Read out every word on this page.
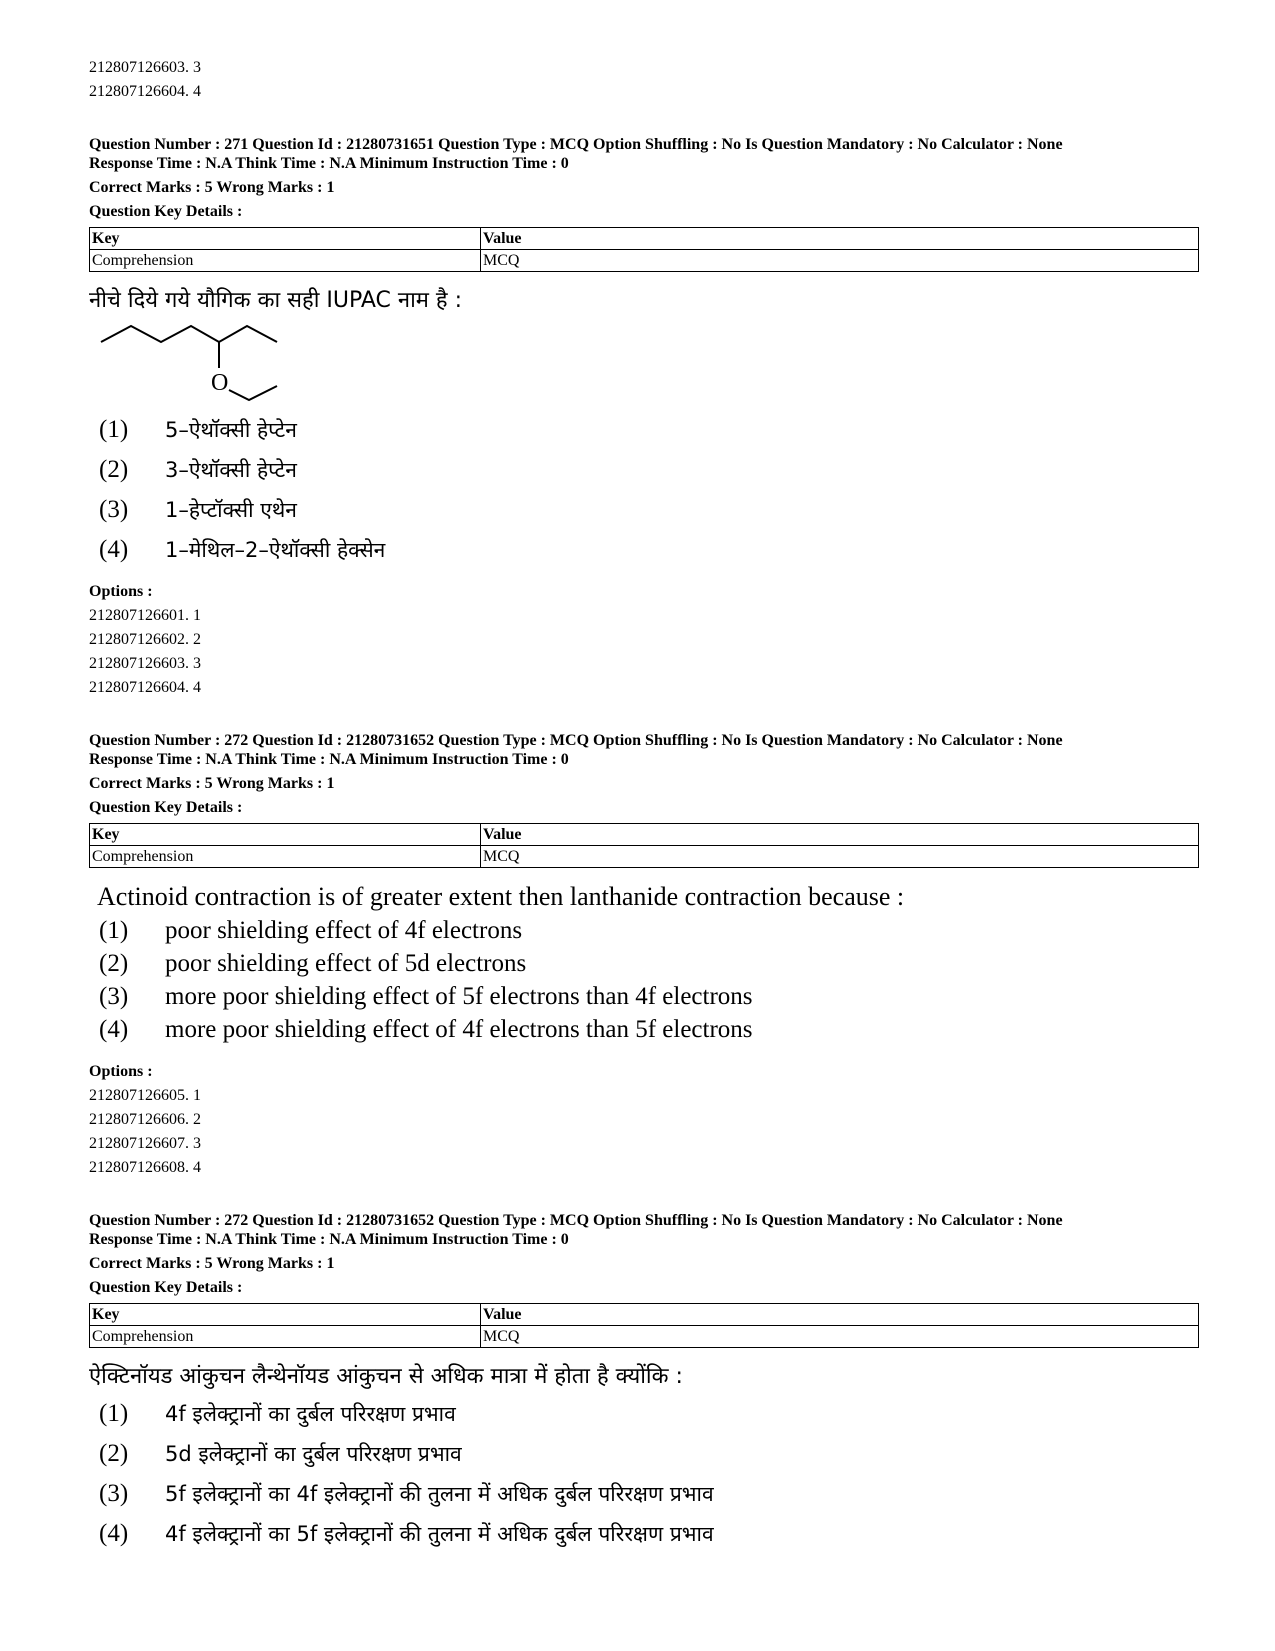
212807126603. 3
212807126604. 4
Question Number : 271 Question Id : 21280731651 Question Type : MCQ Option Shuffling : No Is Question Mandatory : No Calculator : None
Response Time : N.A Think Time : N.A Minimum Instruction Time : 0
Correct Marks : 5 Wrong Marks : 1
Question Key Details :
Key	Value
Comprehension	MCQ
नीचे दिये गये यौगिक का सही IUPAC नाम है :
O
(1)	5–ऐथॉक्सी हेप्टेन
(2)	3–ऐथॉक्सी हेप्टेन
(3)	1–हेप्टॉक्सी एथेन
(4)	1–मेथिल–2–ऐथॉक्सी हेक्सेन
Options :
212807126601. 1
212807126602. 2
212807126603. 3
212807126604. 4
Question Number : 272 Question Id : 21280731652 Question Type : MCQ Option Shuffling : No Is Question Mandatory : No Calculator : None
Response Time : N.A Think Time : N.A Minimum Instruction Time : 0
Correct Marks : 5 Wrong Marks : 1
Question Key Details :
Key	Value
Comprehension	MCQ
Actinoid contraction is of greater extent then lanthanide contraction because :
(1)	poor shielding effect of 4f electrons
(2)	poor shielding effect of 5d electrons
(3)	more poor shielding effect of 5f electrons than 4f electrons
(4)	more poor shielding effect of 4f electrons than 5f electrons
Options :
212807126605. 1
212807126606. 2
212807126607. 3
212807126608. 4
Question Number : 272 Question Id : 21280731652 Question Type : MCQ Option Shuffling : No Is Question Mandatory : No Calculator : None
Response Time : N.A Think Time : N.A Minimum Instruction Time : 0
Correct Marks : 5 Wrong Marks : 1
Question Key Details :
Key	Value
Comprehension	MCQ
ऐक्टिनॉयड आंकुचन लैन्थेनॉयड आंकुचन से अधिक मात्रा में होता है क्योंकि :
(1)	4f इलेक्ट्रानों का दुर्बल परिरक्षण प्रभाव
(2)	5d इलेक्ट्रानों का दुर्बल परिरक्षण प्रभाव
(3)	5f इलेक्ट्रानों का 4f इलेक्ट्रानों की तुलना में अधिक दुर्बल परिरक्षण प्रभाव
(4)	4f इलेक्ट्रानों का 5f इलेक्ट्रानों की तुलना में अधिक दुर्बल परिरक्षण प्रभाव
